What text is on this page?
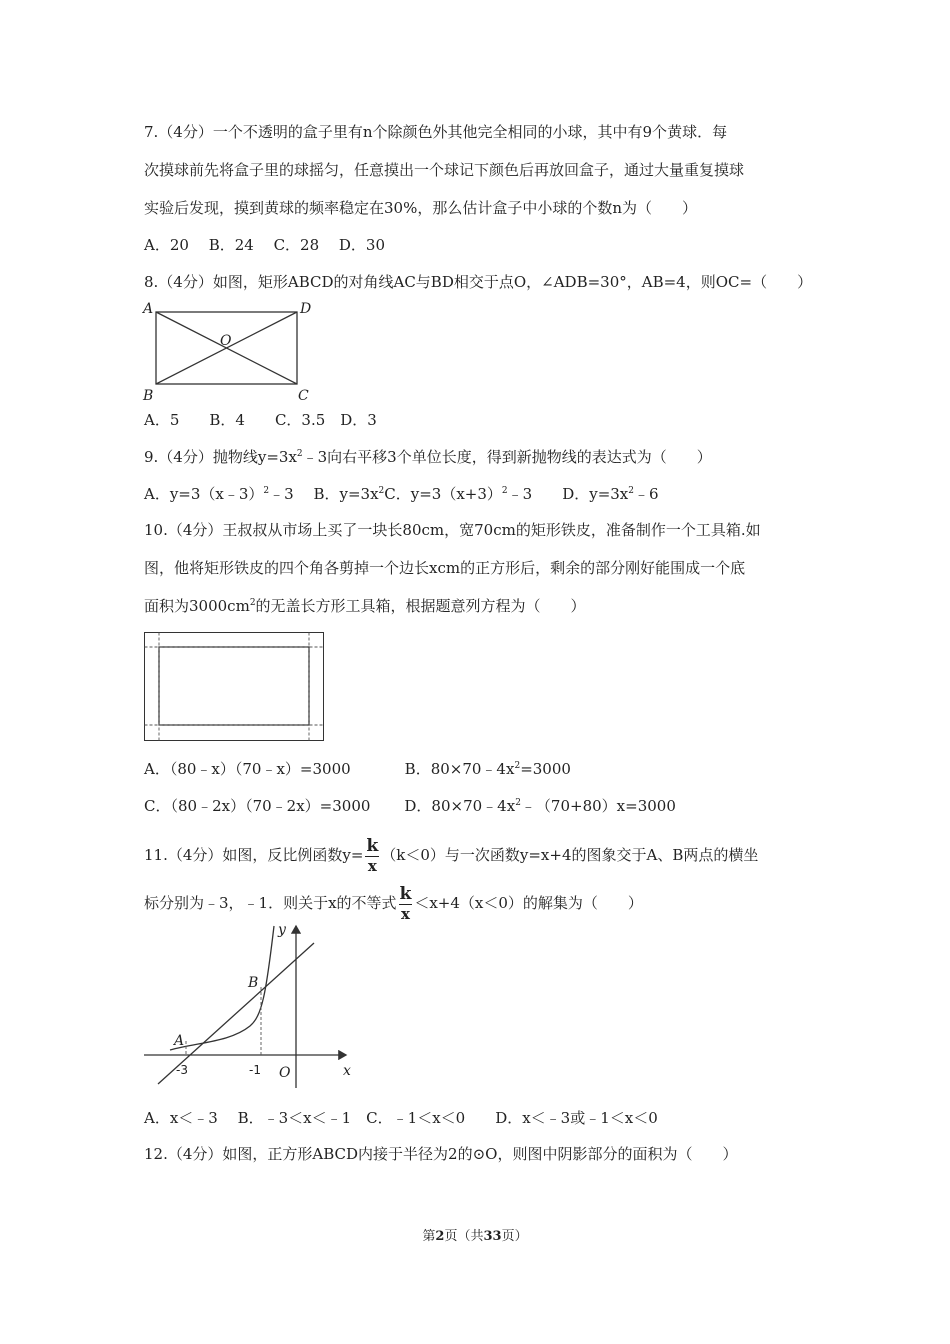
7.（4分）一个不透明的盒子里有n个除颜色外其他完全相同的小球，其中有9个黄球．每
次摸球前先将盒子里的球摇匀，任意摸出一个球记下颜色后再放回盒子，通过大量重复摸球
实验后发现，摸到黄球的频率稳定在30%，那么估计盒子中小球的个数n为（　　）
A．20　 B．24　 C．28　 D．30
8.（4分）如图，矩形ABCD的对角线AC与BD相交于点O，∠ADB=30°，AB=4，则OC=（　　）
A	D
B	C
O
A．5　　B．4　　C．3.5　D．3
9.（4分）抛物线$y=3x^2﹣3$向右平移3个单位长度，得到新抛物线的表达式为（　　）
A．y=3（x﹣3）$^2$﹣3　 B．$y=3x^2C$．$y=3(x+3)^2﹣3$　　D．$y=3x^2﹣6$
10.（4分）王叔叔从市场上买了一块长80cm，宽70cm的矩形铁皮，准备制作一个工具箱.如
图，他将矩形铁皮的四个角各剪掉一个边长xcm的正方形后，剩余的部分刚好能围成一个底
面积为$3000cm^2$的无盖长方形工具箱，根据题意列方程为（　　）
A．（80﹣x）（70﹣x）=3000	B．$80\times 70﹣4x^2=3000$
C．（80﹣2x）（70﹣2x）=3000 D．$80\times 70﹣4x^2﹣(70+80)x=3000$
11.（4分）如图，反比例函数$y= \frac{k}{x} (k<0)$与一次函数y=x+4的图象交于A、B两点的横坐
标分别为﹣3，﹣1．则关于x的不等式 $\frac{k}{x} <x+4(x<0)$的解集为（　　）
A
B
O	x
y
-3	-1
A．x＜﹣3　 B．﹣3＜x＜﹣1　C．﹣1＜x＜0　　D．x＜﹣3或﹣1＜x＜0
12.（4分）如图，正方形ABCD内接于半径为2的⊙O，则图中阴影部分的面积为（　　）
第2页（共33页）
